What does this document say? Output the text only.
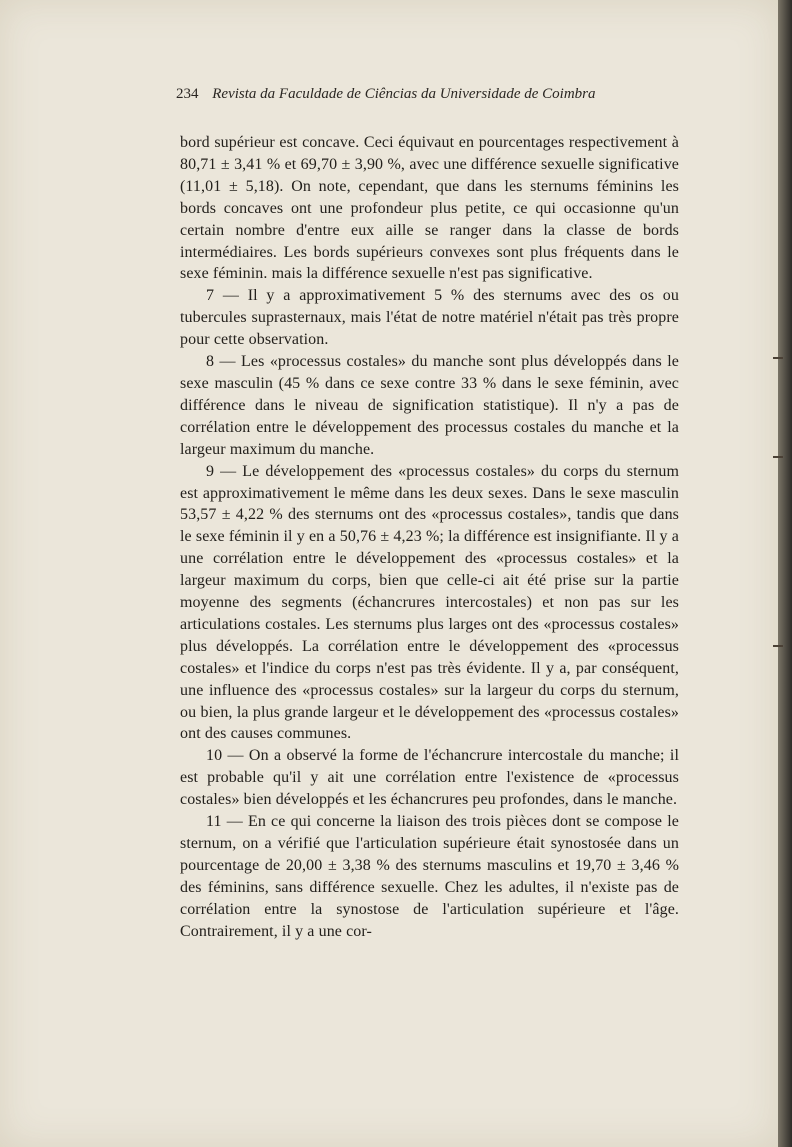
234 Revista da Faculdade de Ciências da Universidade de Coimbra

bord supérieur est concave. Ceci équivaut en pourcentages respectivement à 80,71 ± 3,41 % et 69,70 ± 3,90 %, avec une différence sexuelle significative (11,01 ± 5,18). On note, cependant, que dans les sternums féminins les bords concaves ont une profondeur plus petite, ce qui occasionne qu'un certain nombre d'entre eux aille se ranger dans la classe de bords intermédiaires. Les bords supérieurs convexes sont plus fréquents dans le sexe féminin. mais la différence sexuelle n'est pas significative.

7 — Il y a approximativement 5 % des sternums avec des os ou tubercules suprasternaux, mais l'état de notre matériel n'était pas très propre pour cette observation.

8 — Les «processus costales» du manche sont plus développés dans le sexe masculin (45 % dans ce sexe contre 33 % dans le sexe féminin, avec différence dans le niveau de signification statistique). Il n'y a pas de corrélation entre le développement des processus costales du manche et la largeur maximum du manche.

9 — Le développement des «processus costales» du corps du sternum est approximativement le même dans les deux sexes. Dans le sexe masculin 53,57 ± 4,22 % des sternums ont des «processus costales», tandis que dans le sexe féminin il y en a 50,76 ± 4,23 %; la différence est insignifiante. Il y a une corrélation entre le développement des «processus costales» et la largeur maximum du corps, bien que celle-ci ait été prise sur la partie moyenne des segments (échancrures intercostales) et non pas sur les articulations costales. Les sternums plus larges ont des «processus costales» plus développés. La corrélation entre le développement des «processus costales» et l'indice du corps n'est pas très évidente. Il y a, par conséquent, une influence des «processus costales» sur la largeur du corps du sternum, ou bien, la plus grande largeur et le développement des «processus costales» ont des causes communes.

10 — On a observé la forme de l'échancrure intercostale du manche; il est probable qu'il y ait une corrélation entre l'existence de «processus costales» bien développés et les échancrures peu profondes, dans le manche.

11 — En ce qui concerne la liaison des trois pièces dont se compose le sternum, on a vérifié que l'articulation supérieure était synostosée dans un pourcentage de 20,00 ± 3,38 % des sternums masculins et 19,70 ± 3,46 % des féminins, sans différence sexuelle. Chez les adultes, il n'existe pas de corrélation entre la synostose de l'articulation supérieure et l'âge. Contrairement, il y a une cor-
